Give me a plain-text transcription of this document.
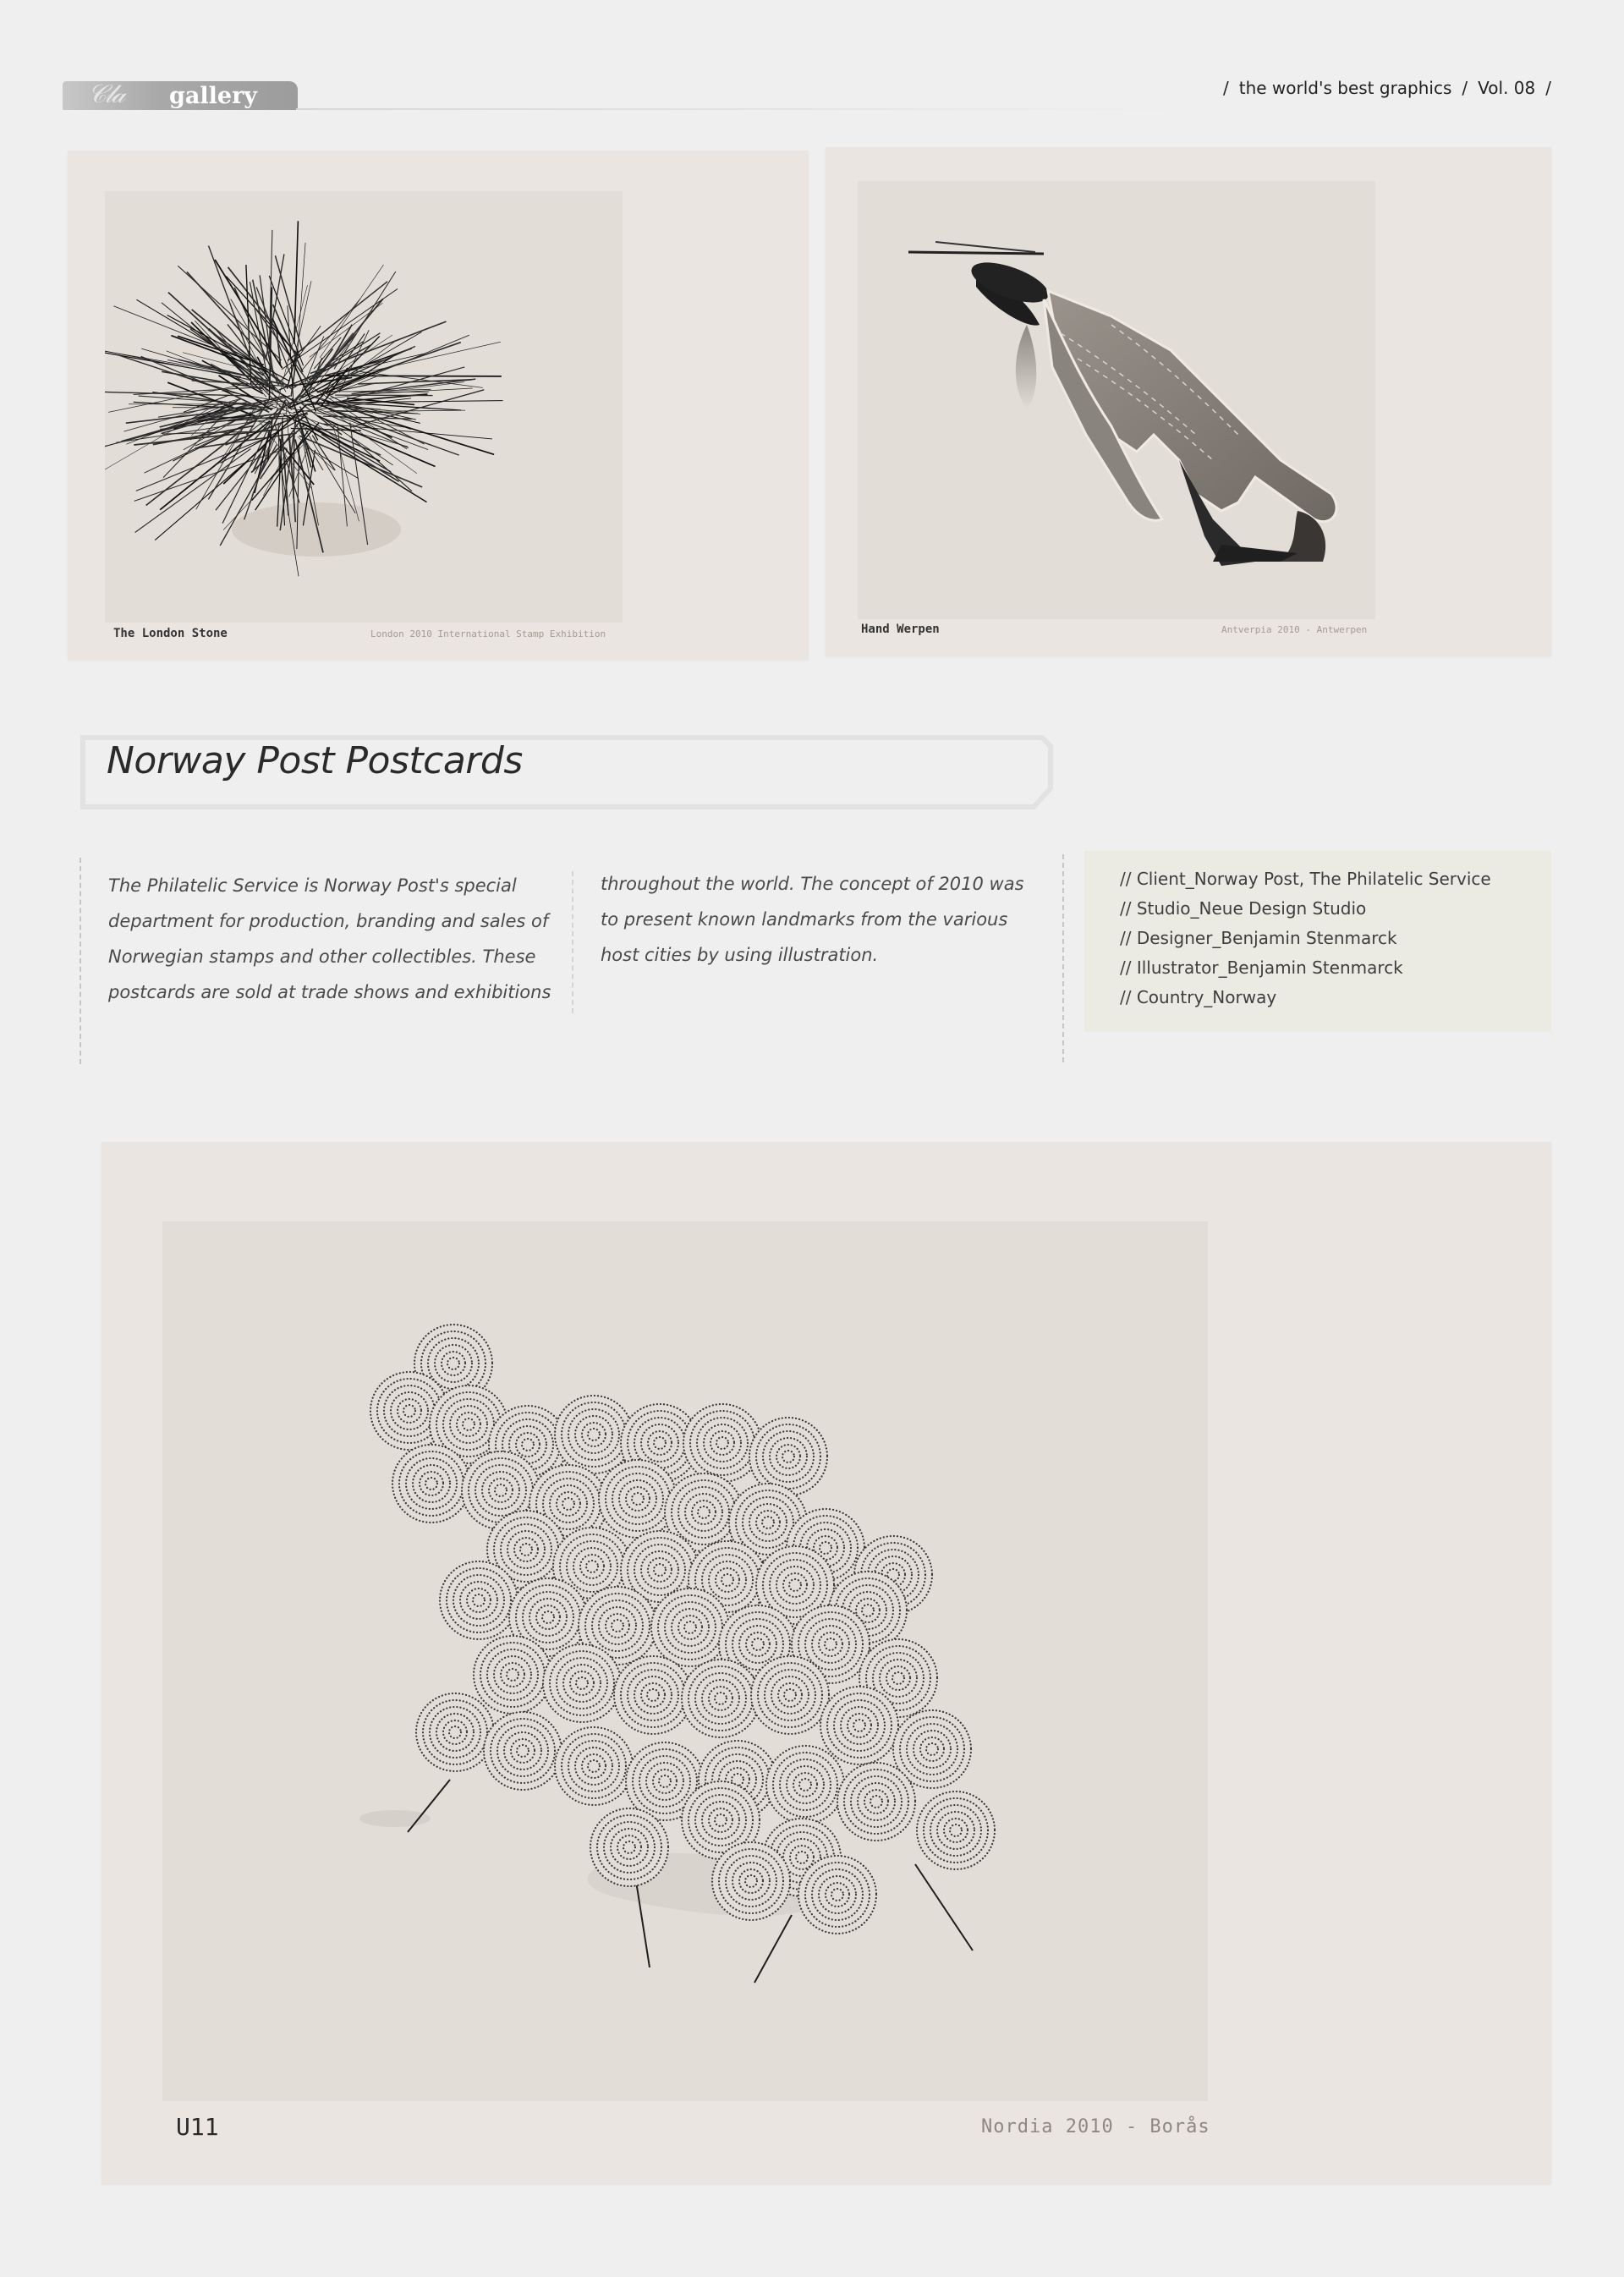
𝒞𝓁𝒶 gallery	/ the world's best graphics / Vol. 08 /
The London Stone	London 2010 International Stamp Exhibition	Hand Werpen	Antverpia 2010 - Antwerpen
Norway Post Postcards
The Philatelic Service is Norway Post's special department for production, branding and sales of Norwegian stamps and other collectibles. These postcards are sold at trade shows and exhibitions
throughout the world. The concept of 2010 was to present known landmarks from the various host cities by using illustration.
// Client_Norway Post, The Philatelic Service
// Studio_Neue Design Studio
// Designer_Benjamin Stenmarck
// Illustrator_Benjamin Stenmarck
// Country_Norway
U11	Nordia 2010 - Borås
